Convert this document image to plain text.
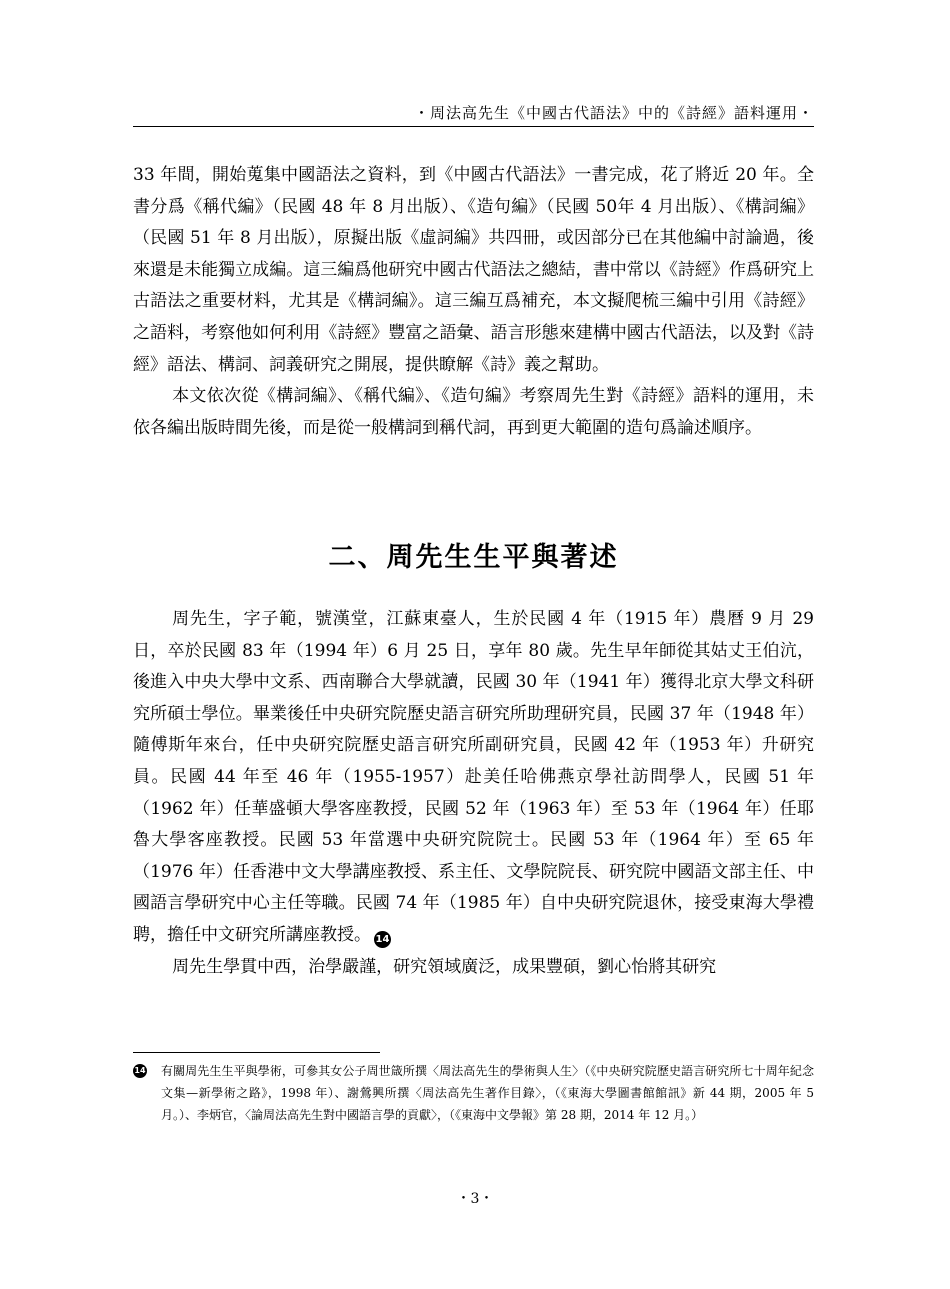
・周法高先生《中國古代語法》中的《詩經》語料運用・

33 年間，開始蒐集中國語法之資料，到《中國古代語法》一書完成，花了將近 20 年。全書分爲《稱代編》（民國 48 年 8 月出版）、《造句編》（民國 50年 4 月出版）、《構詞編》（民國 51 年 8 月出版），原擬出版《虛詞編》共四冊，或因部分已在其他編中討論過，後來還是未能獨立成編。這三編爲他研究中國古代語法之總結，書中常以《詩經》作爲研究上古語法之重要材料，尤其是《構詞編》。這三編互爲補充，本文擬爬梳三編中引用《詩經》之語料，考察他如何利用《詩經》豐富之語彙、語言形態來建構中國古代語法，以及對《詩經》語法、構詞、詞義研究之開展，提供瞭解《詩》義之幫助。

本文依次從《構詞編》、《稱代編》、《造句編》考察周先生對《詩經》語料的運用，未依各編出版時間先後，而是從一般構詞到稱代詞，再到更大範圍的造句爲論述順序。

二、周先生生平與著述

周先生，字子範，號漢堂，江蘇東臺人，生於民國 4 年（1915 年）農曆 9 月 29 日，卒於民國 83 年（1994 年）6 月 25 日，享年 80 歲。先生早年師從其姑丈王伯沆，後進入中央大學中文系、西南聯合大學就讀，民國 30 年（1941 年）獲得北京大學文科研究所碩士學位。畢業後任中央研究院歷史語言研究所助理研究員，民國 37 年（1948 年）隨傅斯年來台，任中央研究院歷史語言研究所副研究員，民國 42 年（1953 年）升研究員。民國 44 年至 46 年（1955-1957）赴美任哈佛燕京學社訪問學人，民國 51 年（1962 年）任華盛頓大學客座教授，民國 52 年（1963 年）至 53 年（1964 年）任耶魯大學客座教授。民國 53 年當選中央研究院院士。民國 53 年（1964 年）至 65 年（1976 年）任香港中文大學講座教授、系主任、文學院院長、研究院中國語文部主任、中國語言學研究中心主任等職。民國 74 年（1985 年）自中央研究院退休，接受東海大學禮聘，擔任中文研究所講座教授。 14

周先生學貫中西，治學嚴謹，研究領域廣泛，成果豐碩，劉心怡將其研究

14 有關周先生生平與學術，可參其女公子周世箴所撰〈周法高先生的學術與人生〉（《中央研究院歷史語言研究所七十周年紀念文集—新學術之路》，1998 年）、謝鶯興所撰〈周法高先生著作目錄〉，（《東海大學圖書館館訊》新 44 期，2005 年 5 月。）、李炳官，〈論周法高先生對中國語言學的貢獻〉，（《東海中文學報》第 28 期，2014 年 12 月。）
・3・
